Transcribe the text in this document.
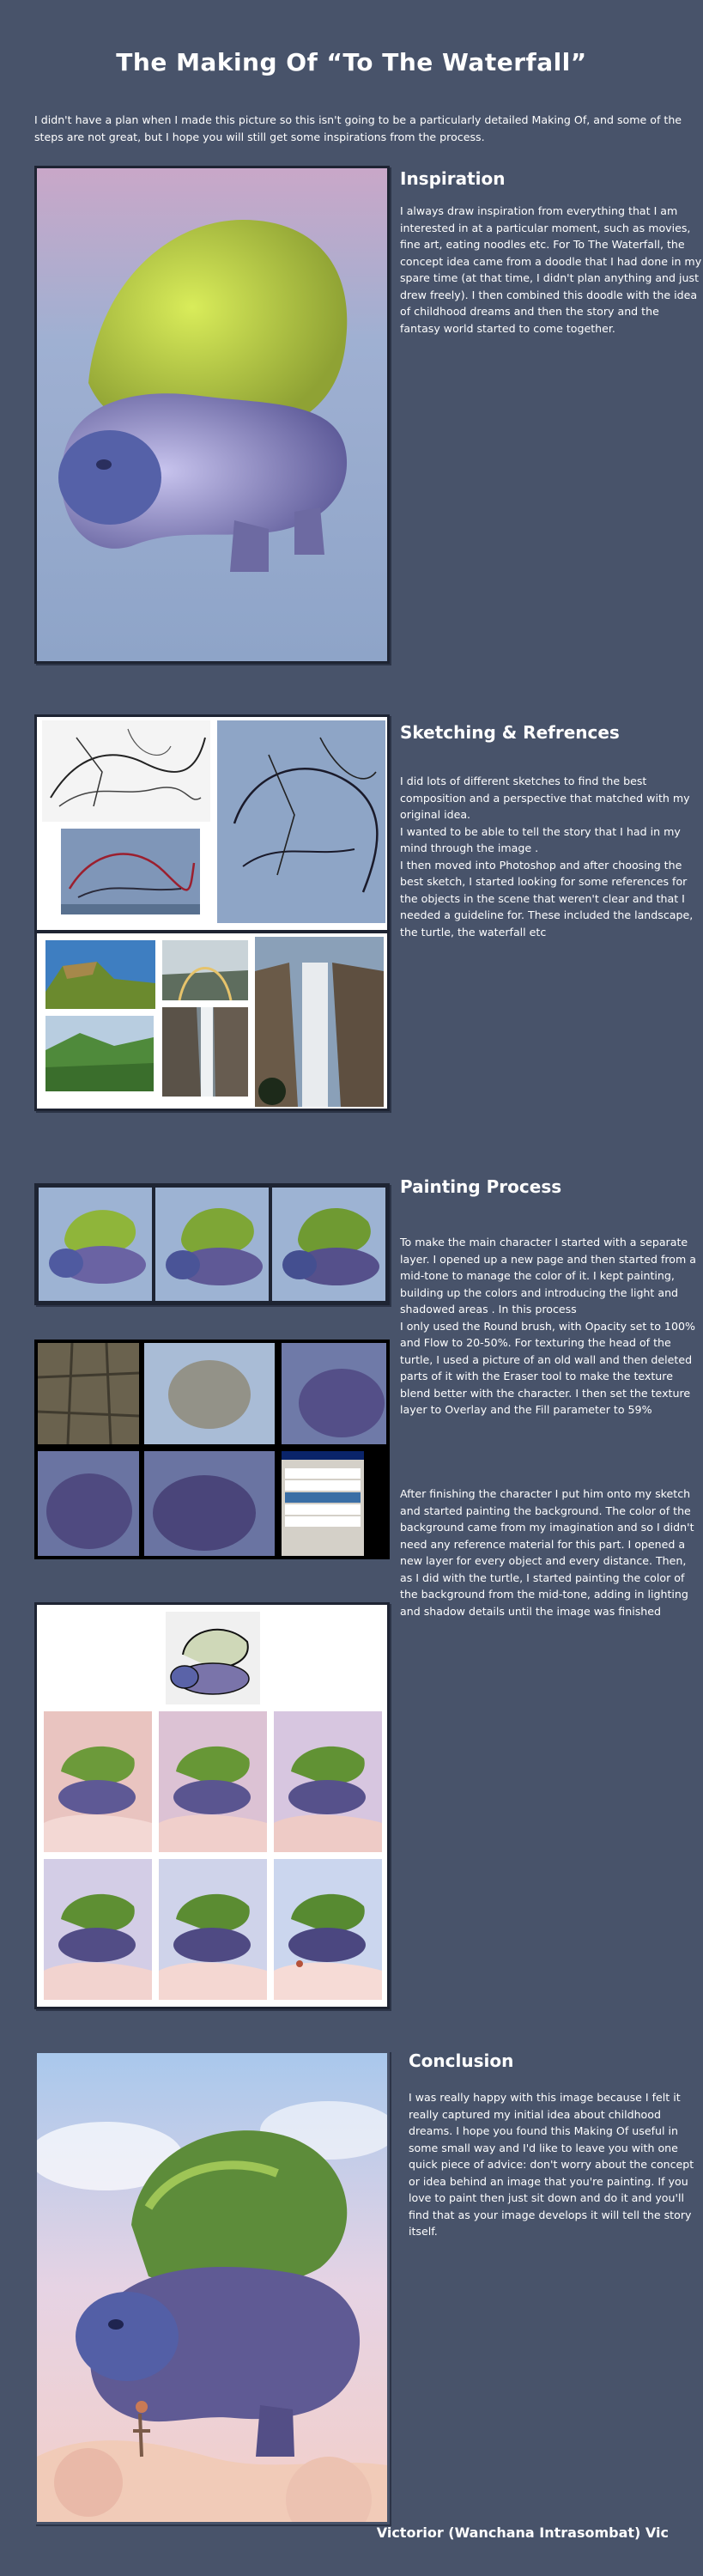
The Making Of “To The Waterfall”
I didn't have a plan when I made this picture so this isn't going to be a particularly detailed Making Of, and some of the steps are not great, but I hope you will still get some inspirations from the process.
Inspiration
I always draw inspiration from everything that I am interested in at a particular moment, such as movies, fine art, eating noodles etc. For To The Waterfall, the concept idea came from a doodle that I had done in my spare time (at that time, I didn't plan anything and just drew freely). I then combined this doodle with the idea of childhood dreams and then the story and the fantasy world started to come together.
Sketching & Refrences
I did lots of different sketches to find the best composition and a perspective that matched with my original idea.
I wanted to be able to tell the story that I had in my mind through the image .
I then moved into Photoshop and after choosing the best sketch, I started looking for some references for the objects in the scene that weren't clear and that I needed a guideline for. These included the landscape, the turtle, the waterfall etc
Painting Process
To make the main character I started with a separate layer. I opened up a new page and then started from a mid-tone to manage the color of it. I kept painting, building up the colors and introducing the light and shadowed areas . In this process
I only used the Round brush, with Opacity set to 100% and Flow to 20-50%. For texturing the head of the turtle, I used a picture of an old wall and then deleted parts of it with the Eraser tool to make the texture blend better with the character. I then set the texture layer to Overlay and the Fill parameter to 59%
After finishing the character I put him onto my sketch and started painting the background. The color of the background came from my imagination and so I didn't need any reference material for this part. I opened a new layer for every object and every distance. Then, as I did with the turtle, I started painting the color of the background from the mid-tone, adding in lighting and shadow details until the image was finished
Conclusion
I was really happy with this image because I felt it really captured my initial idea about childhood dreams. I hope you found this Making Of useful in some small way and I'd like to leave you with one quick piece of advice: don't worry about the concept or idea behind an image that you're painting. If you love to paint then just sit down and do it and you'll find that as your image develops it will tell the story itself.
Victorior (Wanchana Intrasombat) Vic
